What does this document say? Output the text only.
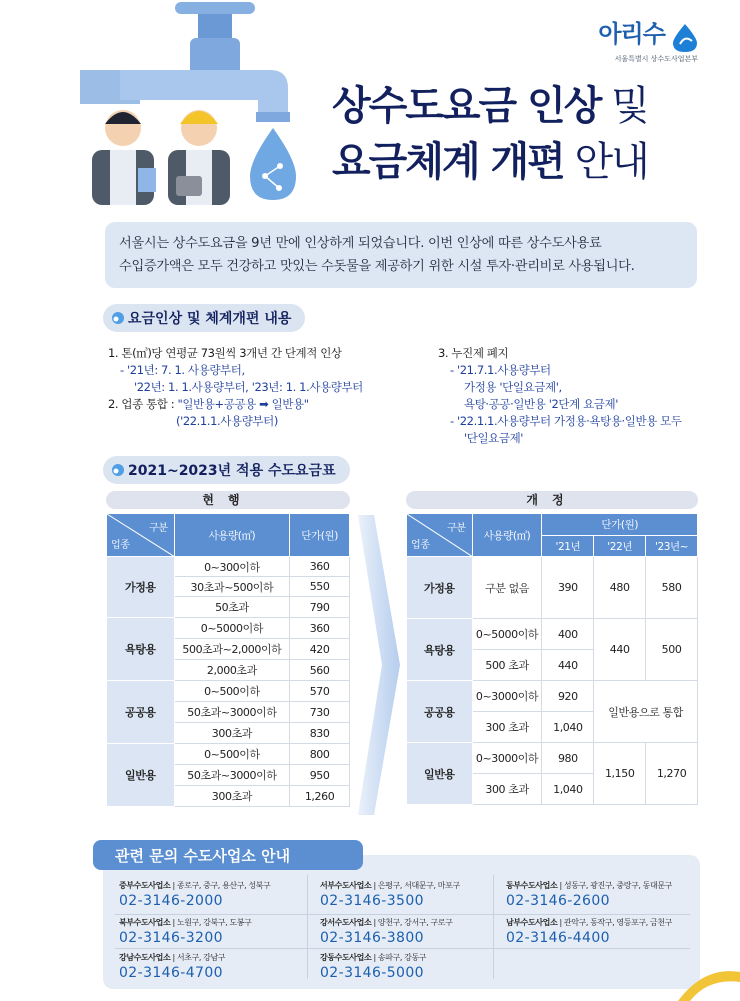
아리수
서울특별시 상수도사업본부
상수도요금 인상 및
요금체계 개편 안내
서울시는 상수도요금을 9년 만에 인상하게 되었습니다. 이번 인상에 따른 상수도사용료
수입증가액은 모두 건강하고 맛있는 수돗물을 제공하기 위한 시설 투자·관리비로 사용됩니다.
요금인상 및 체계개편 내용
1. 톤(㎥)당 연평균 73원씩 3개년 간 단계적 인상
- '21년: 7. 1. 사용량부터,
'22년: 1. 1.사용량부터, '23년: 1. 1.사용량부터
2. 업종 통합 : "일반용+공공용 ➡ 일반용"
('22.1.1.사용량부터)
3. 누진제 폐지
- '21.7.1.사용량부터
가정용 '단일요금제',
욕탕·공공·일반용 '2단계 요금제'
- '22.1.1.사용량부터 가정용·욕탕용·일반용 모두
'단일요금제'
2021~2023년 적용 수도요금표
현행	개정
구분
업종	사용량(㎥)	단가(원)
가정용	0~300이하	360
	30초과~500이하	550
	50초과	790
욕탕용	0~5000이하	360
	500초과~2,000이하	420
	2,000초과	560
공공용	0~500이하	570
	50초과~3000이하	730
	300초과	830
일반용	0~500이하	800
	50초과~3000이하	950
	300초과	1,260
구분
업종	사용량(㎥)	단가(원)		
		'21년	'22년	'23년~
가정용	구분 없음	390	480	580
욕탕용	0~5000이하	400	440	500
	500 초과	440		
공공용	0~3000이하	920	일반용으로 통합	
	300 초과	1,040		
일반용	0~3000이하	980	1,150	1,270
	300 초과	1,040		
관련 문의 수도사업소 안내
중부수도사업소 | 종로구, 중구, 용산구, 성북구
02-3146-2000
서부수도사업소 | 은평구, 서대문구, 마포구
02-3146-3500
동부수도사업소 | 성동구, 광진구, 중랑구, 동대문구
02-3146-2600
북부수도사업소 | 노원구, 강북구, 도봉구
02-3146-3200
강서수도사업소 | 양천구, 강서구, 구로구
02-3146-3800
남부수도사업소 | 관악구, 동작구, 영등포구, 금천구
02-3146-4400
강남수도사업소 | 서초구, 강남구
02-3146-4700
강동수도사업소 | 송파구, 강동구
02-3146-5000
